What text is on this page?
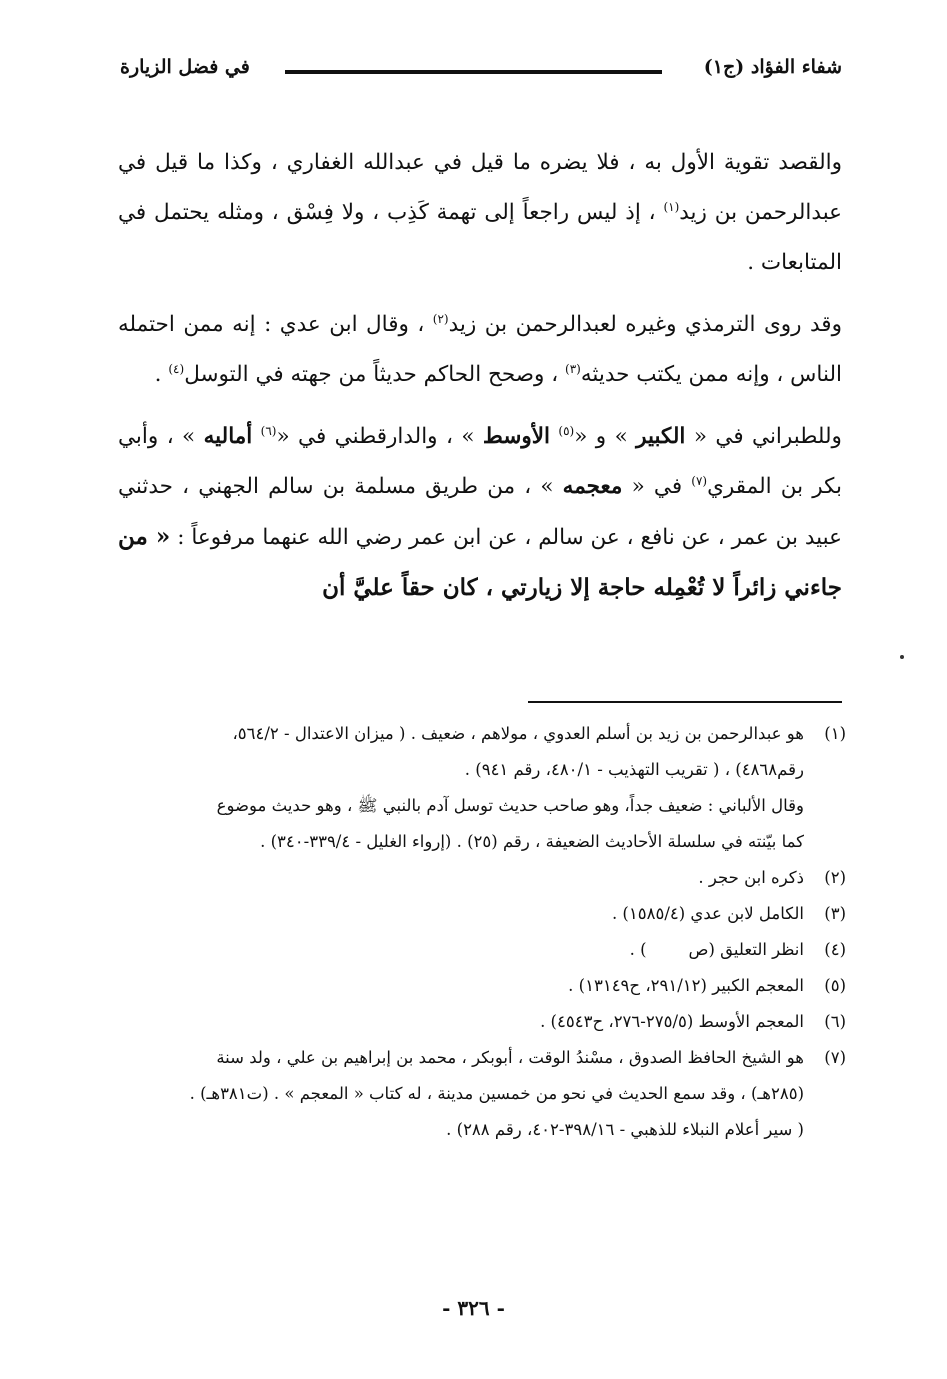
شفاء الفؤاد (ج١)
في فضل الزيارة

والقصد تقوية الأول به ، فلا يضره ما قيل في عبدالله الغفاري ، وكذا ما قيل في عبدالرحمن بن زيد$^{(١)}$ ، إذ ليس راجعاً إلى تهمة كَذِب ، ولا فِسْق ، ومثله يحتمل في المتابعات .

وقد روى الترمذي وغيره لعبدالرحمن بن زيد$^{(٢)}$ ، وقال ابن عدي : إنه ممن احتمله الناس ، وإنه ممن يكتب حديثه$^{(٣)}$ ، وصحح الحاكم حديثاً من جهته في التوسل$^{(٤)}$ .

وللطبراني في « الكبير » و «$^{(٥)}$ الأوسط » ، والدارقطني في «$^{(٦)}$ أماليه » ، وأبي بكر بن المقري$^{(٧)}$ في « معجمه » ، من طريق مسلمة بن سالم الجهني ، حدثني عبيد بن عمر ، عن نافع ، عن سالم ، عن ابن عمر رضي الله عنهما مرفوعاً : « من جاءني زائراً لا تُعْمِله حاجة إلا زيارتي ، كان حقاً عليَّ أن

(١)
هو عبدالرحمن بن زيد بن أسلم العدوي ، مولاهم ، ضعيف . ( ميزان الاعتدال - ٥٦٤/٢،
رقم٤٨٦٨) ، ( تقريب التهذيب - ٤٨٠/١، رقم ٩٤١) .
وقال الألباني : ضعيف جداً، وهو صاحب حديث توسل آدم بالنبي ﷺ ، وهو حديث موضوع
كما بيّنته في سلسلة الأحاديث الضعيفة ، رقم (٢٥) . (إرواء الغليل - ٣٣٩/٤-٣٤٠) .
(٢)
ذكره ابن حجر .
(٣)
الكامل لابن عدي (١٥٨٥/٤) .
(٤)
انظر التعليق (ص        ) .
(٥)
المعجم الكبير (٢٩١/١٢، ح١٣١٤٩) .
(٦)
المعجم الأوسط (٢٧٥/٥-٢٧٦، ح٤٥٤٣) .
(٧)
هو الشيخ الحافظ الصدوق ، مسْندُ الوقت ، أبوبكر ، محمد بن إبراهيم بن علي ، ولد سنة
(٢٨٥هـ) ، وقد سمع الحديث في نحو من خمسين مدينة ، له كتاب « المعجم » . (ت٣٨١هـ) .
( سير أعلام النبلاء للذهبي - ٣٩٨/١٦-٤٠٢، رقم ٢٨٨) .
- ٣٢٦ -
